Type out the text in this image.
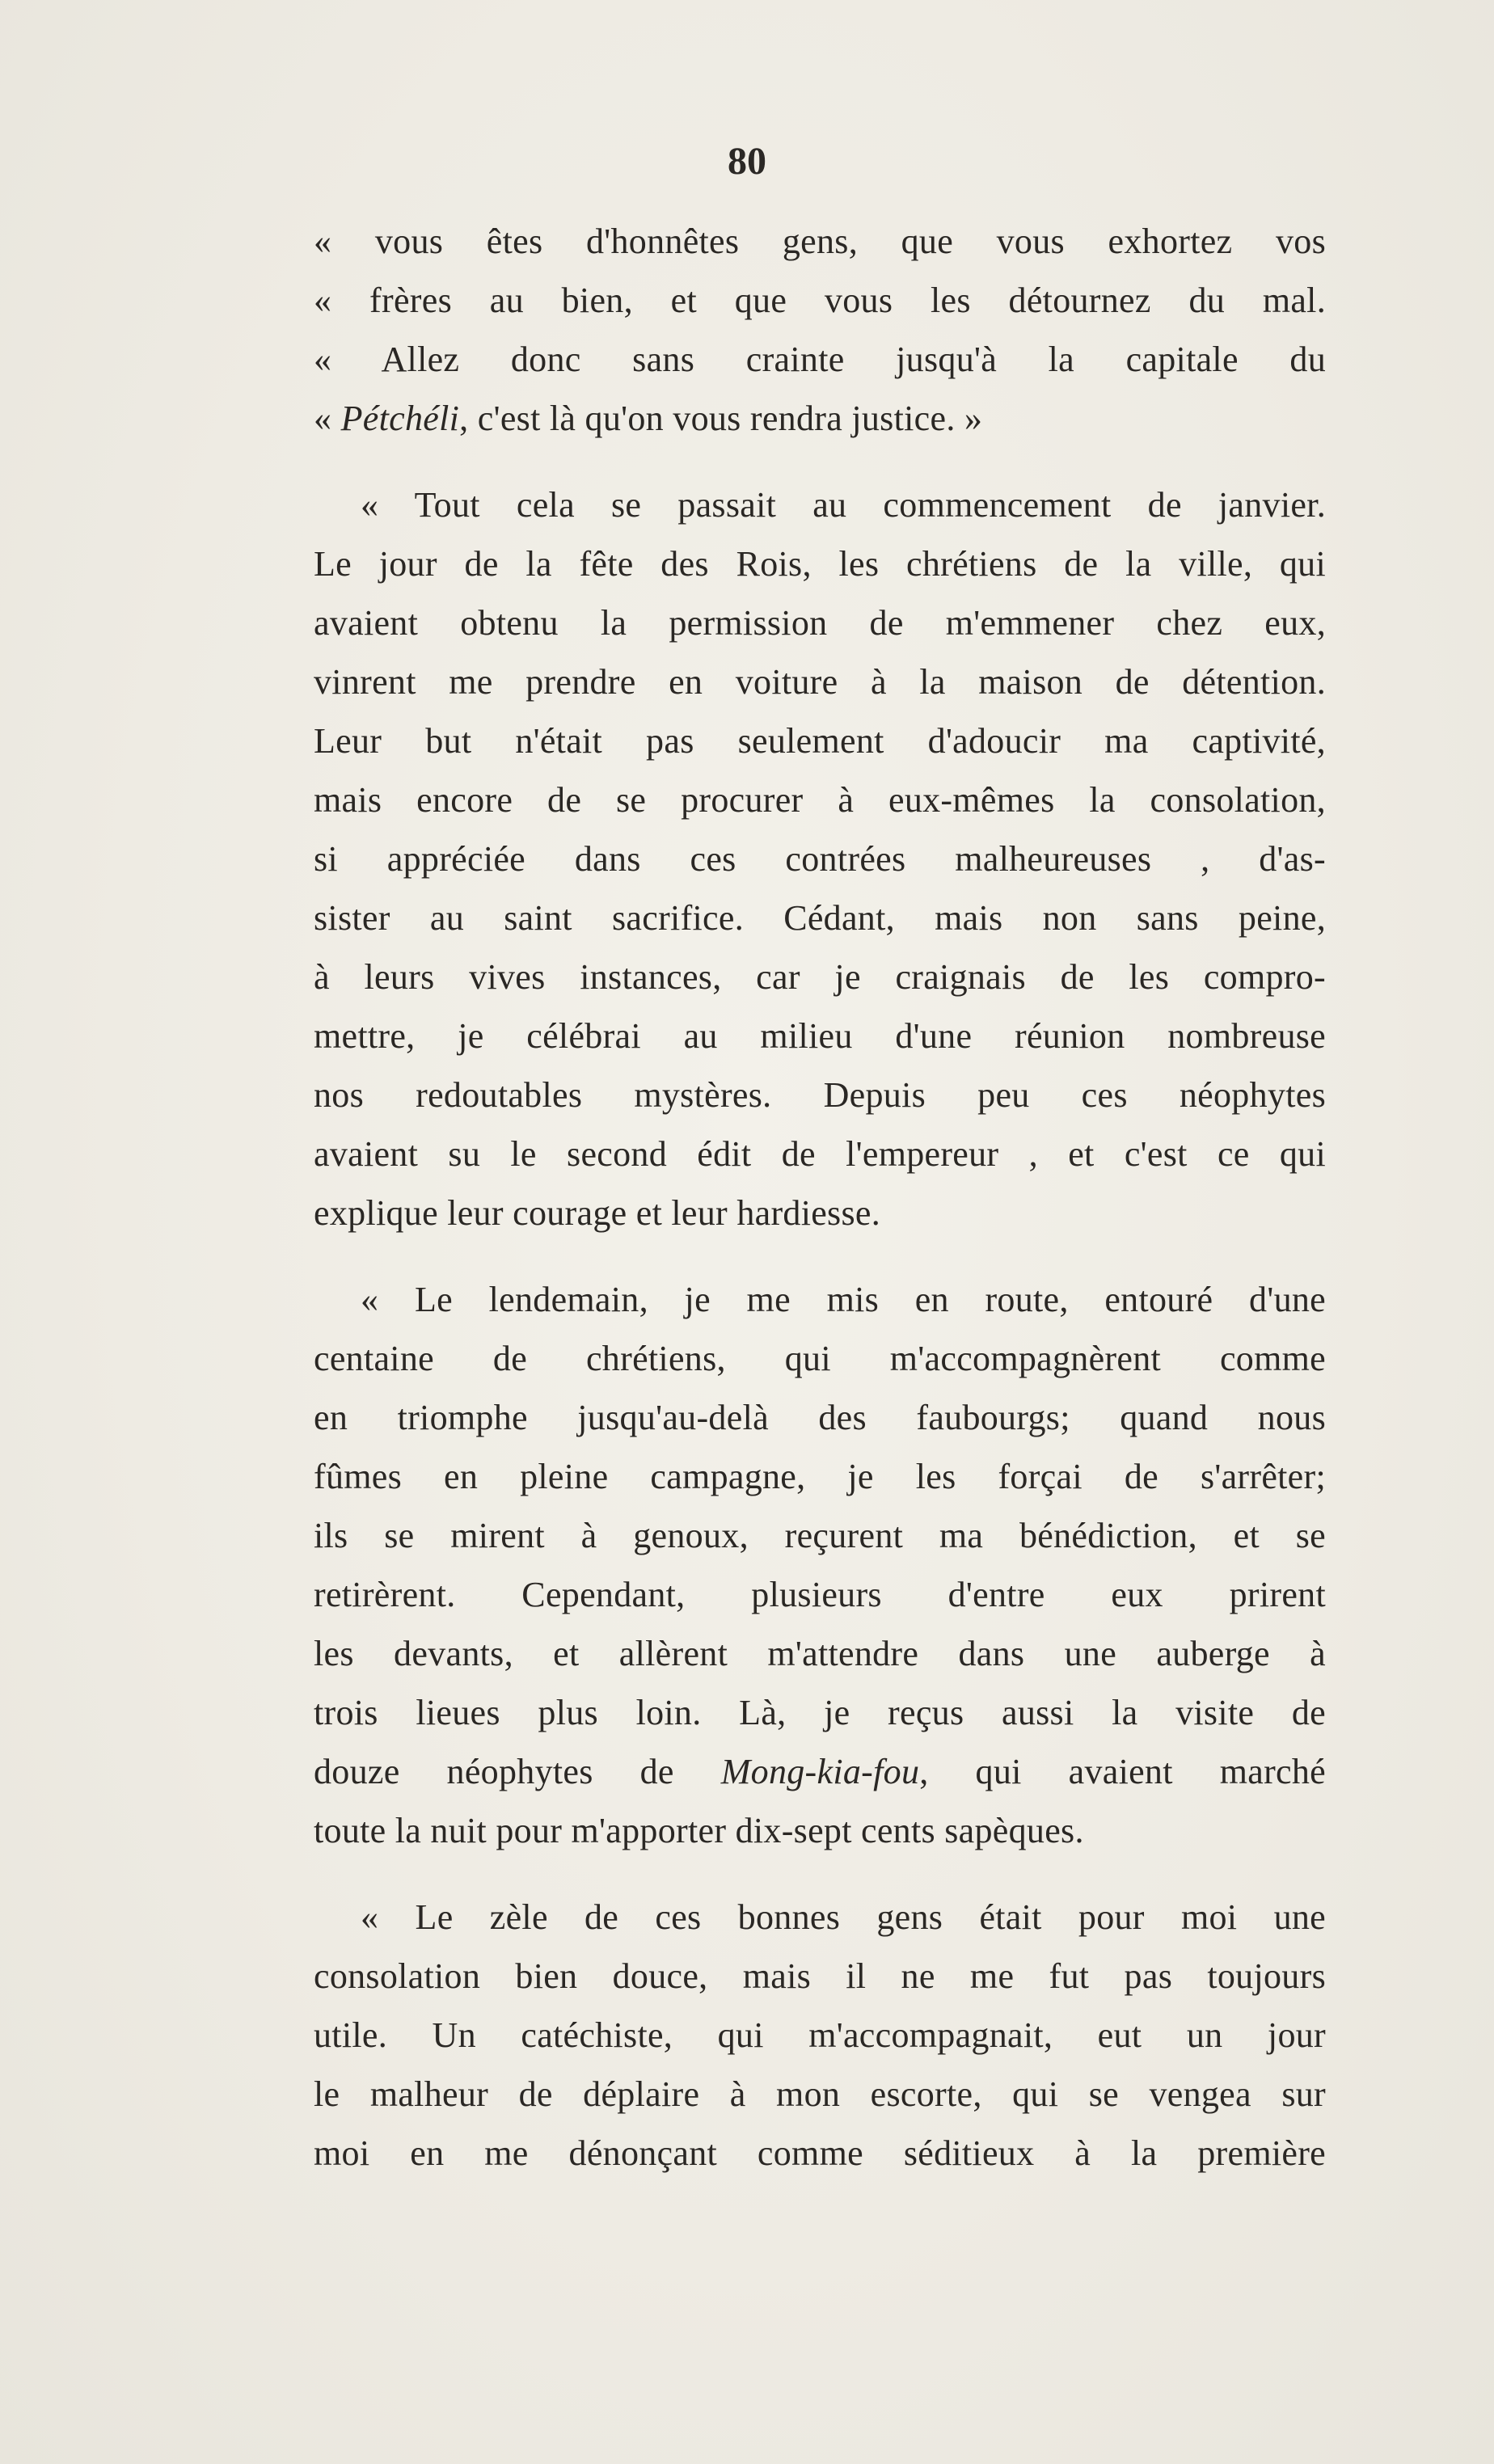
80
« vous êtes d'honnêtes gens, que vous exhortez vos
« frères au bien, et que vous les détournez du mal.
« Allez donc sans crainte jusqu'à la capitale du
« Pétchéli, c'est là qu'on vous rendra justice. »
« Tout cela se passait au commencement de janvier.
Le jour de la fête des Rois, les chrétiens de la ville, qui
avaient obtenu la permission de m'emmener chez eux,
vinrent me prendre en voiture à la maison de détention.
Leur but n'était pas seulement d'adoucir ma captivité,
mais encore de se procurer à eux-mêmes la consolation,
si appréciée dans ces contrées malheureuses , d'as-
sister au saint sacrifice. Cédant, mais non sans peine,
à leurs vives instances, car je craignais de les compro-
mettre, je célébrai au milieu d'une réunion nombreuse
nos redoutables mystères. Depuis peu ces néophytes
avaient su le second édit de l'empereur , et c'est ce qui
explique leur courage et leur hardiesse.
« Le lendemain, je me mis en route, entouré d'une
centaine de chrétiens, qui m'accompagnèrent comme
en triomphe jusqu'au-delà des faubourgs; quand nous
fûmes en pleine campagne, je les forçai de s'arrêter;
ils se mirent à genoux, reçurent ma bénédiction, et se
retirèrent. Cependant, plusieurs d'entre eux prirent
les devants, et allèrent m'attendre dans une auberge à
trois lieues plus loin. Là, je reçus aussi la visite de
douze néophytes de Mong-kia-fou, qui avaient marché
toute la nuit pour m'apporter dix-sept cents sapèques.
« Le zèle de ces bonnes gens était pour moi une
consolation bien douce, mais il ne me fut pas toujours
utile. Un catéchiste, qui m'accompagnait, eut un jour
le malheur de déplaire à mon escorte, qui se vengea sur
moi en me dénonçant comme séditieux à la première
